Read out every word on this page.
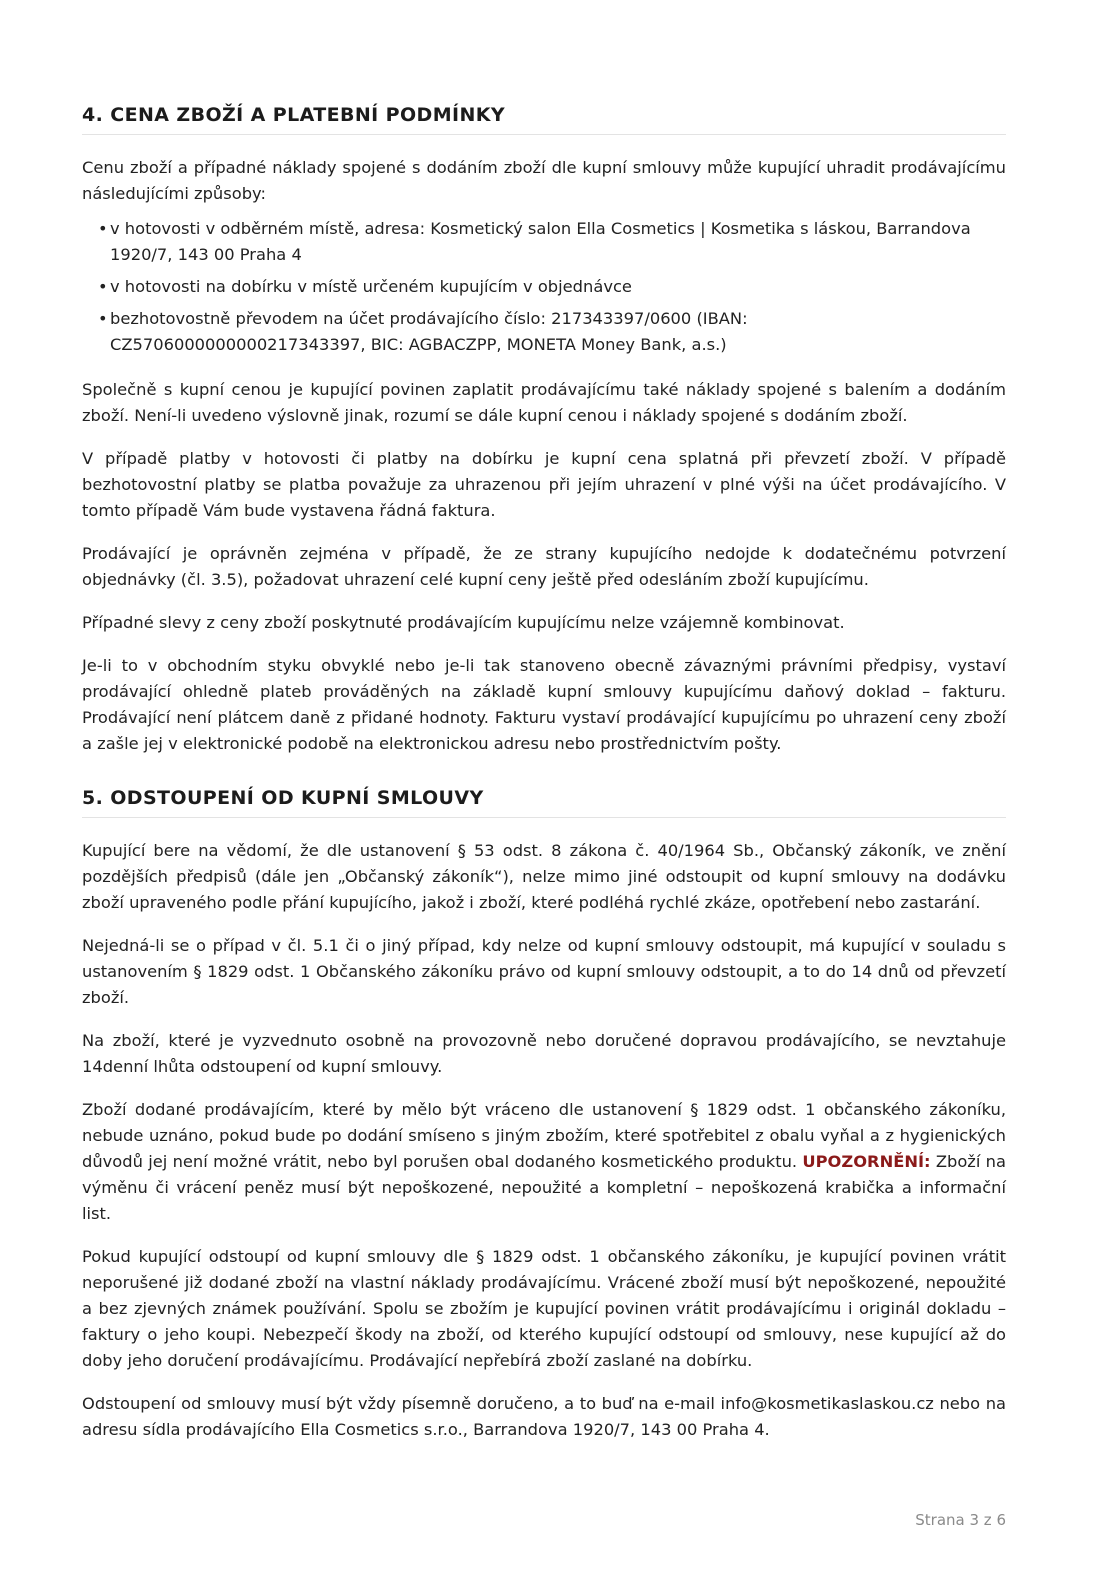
4. CENA ZBOŽÍ A PLATEBNÍ PODMÍNKY

Cenu zboží a případné náklady spojené s dodáním zboží dle kupní smlouvy může kupující uhradit prodávajícímu následujícími způsoby:

• v hotovosti v odběrném místě, adresa: Kosmetický salon Ella Cosmetics | Kosmetika s láskou, Barrandova 1920/7, 143 00 Praha 4
• v hotovosti na dobírku v místě určeném kupujícím v objednávce
• bezhotovostně převodem na účet prodávajícího číslo: 217343397/0600 (IBAN: CZ5706000000000217343397, BIC: AGBACZPP, MONETA Money Bank, a.s.)

Společně s kupní cenou je kupující povinen zaplatit prodávajícímu také náklady spojené s balením a dodáním zboží. Není-li uvedeno výslovně jinak, rozumí se dále kupní cenou i náklady spojené s dodáním zboží.

V případě platby v hotovosti či platby na dobírku je kupní cena splatná při převzetí zboží. V případě bezhotovostní platby se platba považuje za uhrazenou při jejím uhrazení v plné výši na účet prodávajícího. V tomto případě Vám bude vystavena řádná faktura.

Prodávající je oprávněn zejména v případě, že ze strany kupujícího nedojde k dodatečnému potvrzení objednávky (čl. 3.5), požadovat uhrazení celé kupní ceny ještě před odesláním zboží kupujícímu.

Případné slevy z ceny zboží poskytnuté prodávajícím kupujícímu nelze vzájemně kombinovat.

Je-li to v obchodním styku obvyklé nebo je-li tak stanoveno obecně závaznými právními předpisy, vystaví prodávající ohledně plateb prováděných na základě kupní smlouvy kupujícímu daňový doklad – fakturu. Prodávající není plátcem daně z přidané hodnoty. Fakturu vystaví prodávající kupujícímu po uhrazení ceny zboží a zašle jej v elektronické podobě na elektronickou adresu nebo prostřednictvím pošty.

5. ODSTOUPENÍ OD KUPNÍ SMLOUVY

Kupující bere na vědomí, že dle ustanovení § 53 odst. 8 zákona č. 40/1964 Sb., Občanský zákoník, ve znění pozdějších předpisů (dále jen „Občanský zákoník“), nelze mimo jiné odstoupit od kupní smlouvy na dodávku zboží upraveného podle přání kupujícího, jakož i zboží, které podléhá rychlé zkáze, opotřebení nebo zastarání.

Nejedná-li se o případ v čl. 5.1 či o jiný případ, kdy nelze od kupní smlouvy odstoupit, má kupující v souladu s ustanovením § 1829 odst. 1 Občanského zákoníku právo od kupní smlouvy odstoupit, a to do 14 dnů od převzetí zboží.

Na zboží, které je vyzvednuto osobně na provozovně nebo doručené dopravou prodávajícího, se nevztahuje 14denní lhůta odstoupení od kupní smlouvy.

Zboží dodané prodávajícím, které by mělo být vráceno dle ustanovení § 1829 odst. 1 občanského zákoníku, nebude uznáno, pokud bude po dodání smíseno s jiným zbožím, které spotřebitel z obalu vyňal a z hygienických důvodů jej není možné vrátit, nebo byl porušen obal dodaného kosmetického produktu. UPOZORNĚNÍ: Zboží na výměnu či vrácení peněz musí být nepoškozené, nepoužité a kompletní – nepoškozená krabička a informační list.

Pokud kupující odstoupí od kupní smlouvy dle § 1829 odst. 1 občanského zákoníku, je kupující povinen vrátit neporušené již dodané zboží na vlastní náklady prodávajícímu. Vrácené zboží musí být nepoškozené, nepoužité a bez zjevných známek používání. Spolu se zbožím je kupující povinen vrátit prodávajícímu i originál dokladu – faktury o jeho koupi. Nebezpečí škody na zboží, od kterého kupující odstoupí od smlouvy, nese kupující až do doby jeho doručení prodávajícímu. Prodávající nepřebírá zboží zaslané na dobírku.

Odstoupení od smlouvy musí být vždy písemně doručeno, a to buď na e-mail info@kosmetikaslaskou.cz nebo na adresu sídla prodávajícího Ella Cosmetics s.r.o., Barrandova 1920/7, 143 00 Praha 4.

Strana 3 z 6
